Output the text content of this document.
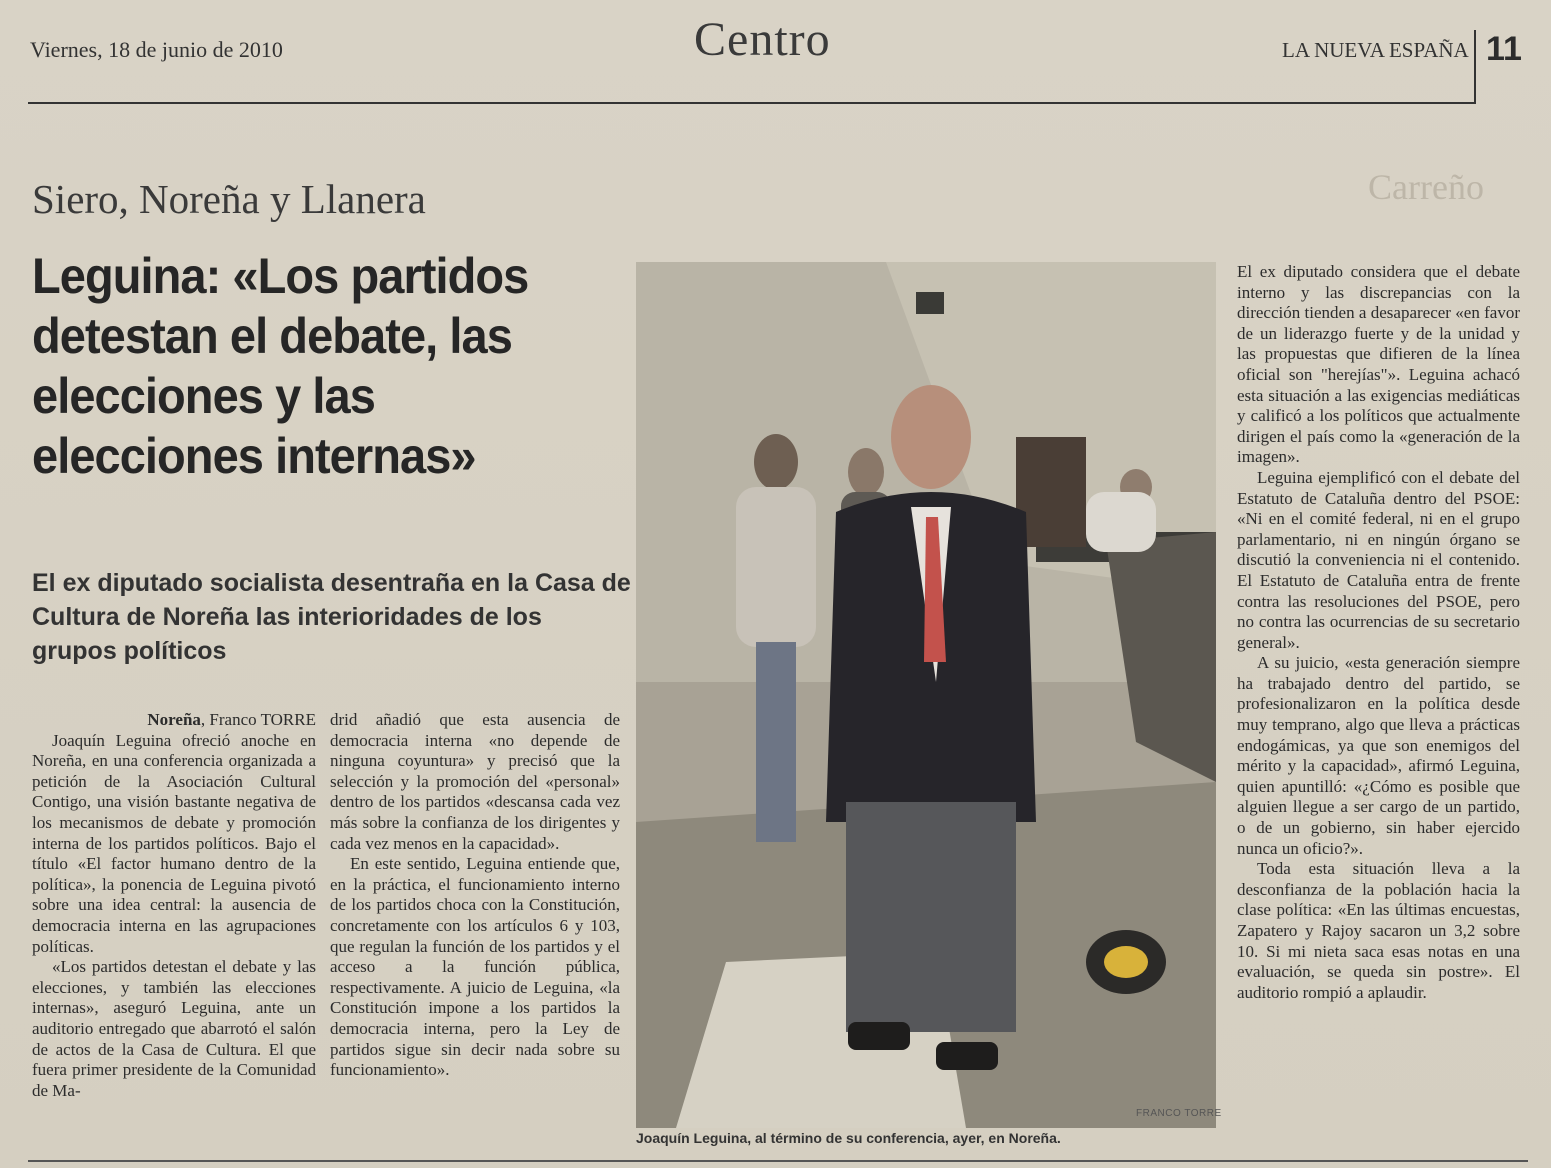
Viernes, 18 de junio de 2010	Centro	LA NUEVA ESPAÑA 11
Carreño
Siero, Noreña y Llanera
Leguina: «Los partidos detestan el debate, las elecciones y las elecciones internas»
El ex diputado socialista desentraña en la Casa de Cultura de Noreña las interioridades de los grupos políticos

Noreña, Franco TORRE

Joaquín Leguina ofreció anoche en Noreña, en una conferencia organizada a petición de la Asociación Cultural Contigo, una visión bastante negativa de los mecanismos de debate y promoción interna de los partidos políticos. Bajo el título «El factor humano dentro de la política», la ponencia de Leguina pivotó sobre una idea central: la ausencia de democracia interna en las agrupaciones políticas.

«Los partidos detestan el debate y las elecciones, y también las elecciones internas», aseguró Leguina, ante un auditorio entregado que abarrotó el salón de actos de la Casa de Cultura. El que fuera primer presidente de la Comunidad de Ma-

drid añadió que esta ausencia de democracia interna «no depende de ninguna coyuntura» y precisó que la selección y la promoción del «personal» dentro de los partidos «descansa cada vez más sobre la confianza de los dirigentes y cada vez menos en la capacidad».

En este sentido, Leguina entiende que, en la práctica, el funcionamiento interno de los partidos choca con la Constitución, concretamente con los artículos 6 y 103, que regulan la función de los partidos y el acceso a la función pública, respectivamente. A juicio de Leguina, «la Constitución impone a los partidos la democracia interna, pero la Ley de partidos sigue sin decir nada sobre su funcionamiento».

FRANCO TORRE
Joaquín Leguina, al término de su conferencia, ayer, en Noreña.

El ex diputado considera que el debate interno y las discrepancias con la dirección tienden a desaparecer «en favor de un liderazgo fuerte y de la unidad y las propuestas que difieren de la línea oficial son "herejías"». Leguina achacó esta situación a las exigencias mediáticas y calificó a los políticos que actualmente dirigen el país como la «generación de la imagen».

Leguina ejemplificó con el debate del Estatuto de Cataluña dentro del PSOE: «Ni en el comité federal, ni en el grupo parlamentario, ni en ningún órgano se discutió la conveniencia ni el contenido. El Estatuto de Cataluña entra de frente contra las resoluciones del PSOE, pero no contra las ocurrencias de su secretario general».

A su juicio, «esta generación siempre ha trabajado dentro del partido, se profesionalizaron en la política desde muy temprano, algo que lleva a prácticas endogámicas, ya que son enemigos del mérito y la capacidad», afirmó Leguina, quien apuntilló: «¿Cómo es posible que alguien llegue a ser cargo de un partido, o de un gobierno, sin haber ejercido nunca un oficio?».

Toda esta situación lleva a la desconfianza de la población hacia la clase política: «En las últimas encuestas, Zapatero y Rajoy sacaron un 3,2 sobre 10. Si mi nieta saca esas notas en una evaluación, se queda sin postre». El auditorio rompió a aplaudir.
